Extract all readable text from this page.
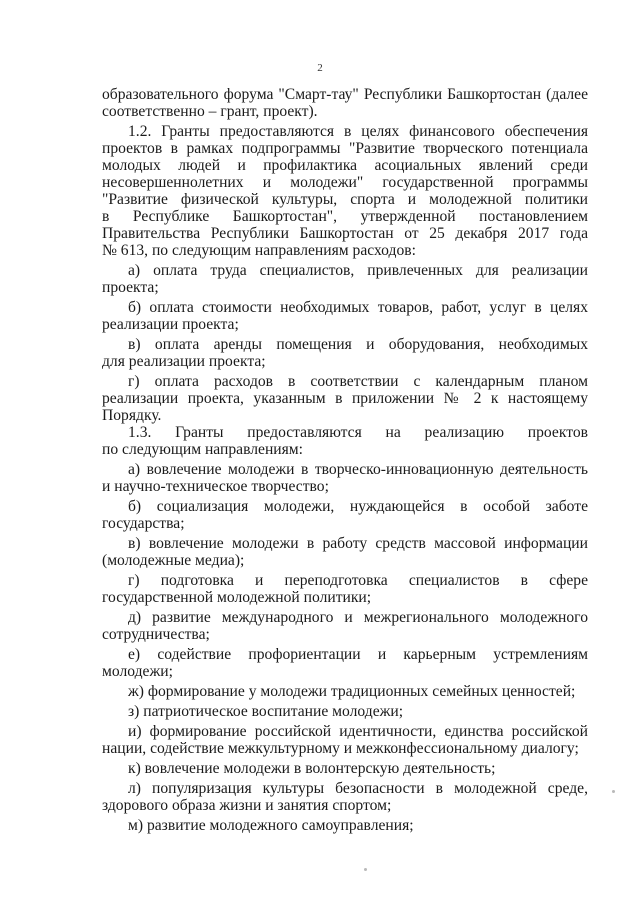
2
образовательного форума "Смарт-тау" Республики Башкортостан (далее
соответственно – грант, проект).
1.2. Гранты предоставляются в целях финансового обеспечения
проектов в рамках подпрограммы "Развитие творческого потенциала
молодых людей и профилактика асоциальных явлений среди
несовершеннолетних и молодежи" государственной программы
"Развитие физической культуры, спорта и молодежной политики
в Республике Башкортостан", утвержденной постановлением
Правительства Республики Башкортостан от 25 декабря 2017 года
№ 613, по следующим направлениям расходов:
а) оплата труда специалистов, привлеченных для реализации
проекта;
б) оплата стоимости необходимых товаров, работ, услуг в целях
реализации проекта;
в) оплата аренды помещения и оборудования, необходимых
для реализации проекта;
г) оплата расходов в соответствии с календарным планом
реализации проекта, указанным в приложении № 2 к настоящему
Порядку.
1.3. Гранты предоставляются на реализацию проектов
по следующим направлениям:
а) вовлечение молодежи в творческо-инновационную деятельность
и научно-техническое творчество;
б) социализация молодежи, нуждающейся в особой заботе
государства;
в) вовлечение молодежи в работу средств массовой информации
(молодежные медиа);
г) подготовка и переподготовка специалистов в сфере
государственной молодежной политики;
д) развитие международного и межрегионального молодежного
сотрудничества;
е) содействие профориентации и карьерным устремлениям
молодежи;
ж) формирование у молодежи традиционных семейных ценностей;
з) патриотическое воспитание молодежи;
и) формирование российской идентичности, единства российской
нации, содействие межкультурному и межконфессиональному диалогу;
к) вовлечение молодежи в волонтерскую деятельность;
л) популяризация культуры безопасности в молодежной среде,
здорового образа жизни и занятия спортом;
м) развитие молодежного самоуправления;
